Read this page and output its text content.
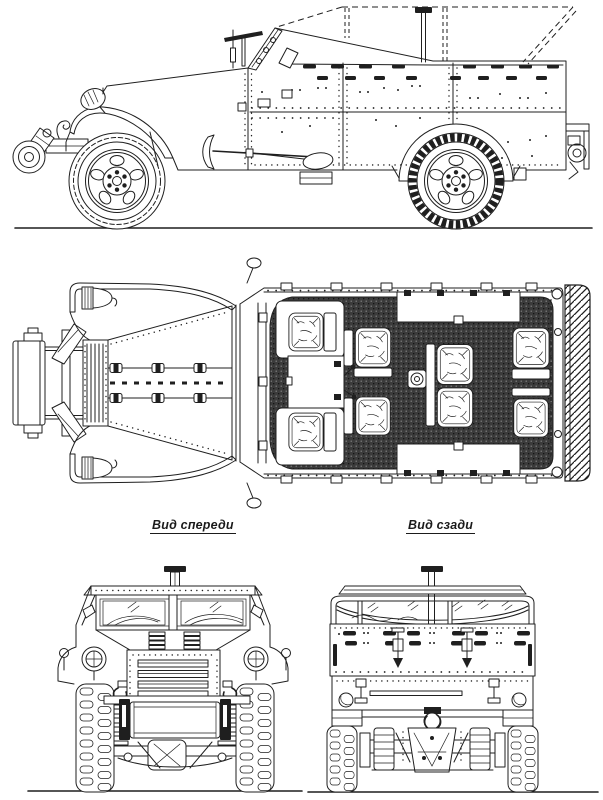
Вид спереди	Вид сзади
